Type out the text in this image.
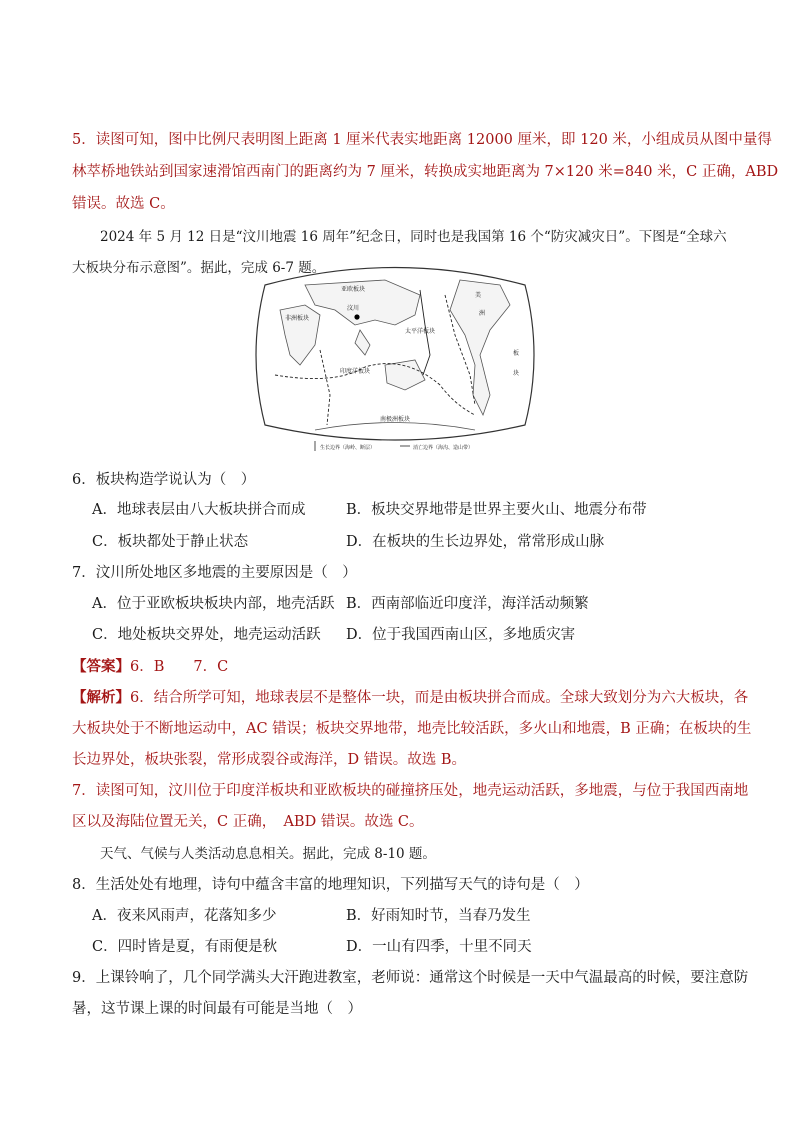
5．读图可知，图中比例尺表明图上距离 1 厘米代表实地距离 12000 厘米，即 120 米，小组成员从图中量得
林萃桥地铁站到国家速滑馆西南门的距离约为 7 厘米，转换成实地距离为 7×120 米=840 米，C 正确，ABD
错误。故选 C。
2024 年 5 月 12 日是“汶川地震 16 周年”纪念日，同时也是我国第 16 个“防灾减灾日”。下图是“全球六
大板块分布示意图”。据此，完成 6-7 题。
亚欧板块
汶川
非洲板块
太平洋板块
美
洲
板
块
印度洋板块
南极洲板块
生长边界（海岭、断层）	消亡边界（海沟、造山带）
6．板块构造学说认为（　）
A．地球表层由八大板块拼合而成	B．板块交界地带是世界主要火山、地震分布带
C．板块都处于静止状态	D．在板块的生长边界处，常常形成山脉
7．汶川所处地区多地震的主要原因是（　）
A．位于亚欧板块板块内部，地壳活跃 B．西南部临近印度洋，海洋活动频繁
C．地处板块交界处，地壳运动活跃 D．位于我国西南山区，多地质灾害
【答案】6．B　　7．C
【解析】6．结合所学可知，地球表层不是整体一块，而是由板块拼合而成。全球大致划分为六大板块，各
大板块处于不断地运动中，AC 错误；板块交界地带，地壳比较活跃，多火山和地震，B 正确；在板块的生
长边界处，板块张裂，常形成裂谷或海洋，D 错误。故选 B。
7．读图可知，汶川位于印度洋板块和亚欧板块的碰撞挤压处，地壳运动活跃，多地震，与位于我国西南地
区以及海陆位置无关，C 正确，　ABD 错误。故选 C。
天气、气候与人类活动息息相关。据此，完成 8-10 题。
8．生活处处有地理，诗句中蕴含丰富的地理知识，下列描写天气的诗句是（　）
A．夜来风雨声，花落知多少	B．好雨知时节，当春乃发生
C．四时皆是夏，有雨便是秋	D．一山有四季，十里不同天
9．上课铃响了，几个同学满头大汗跑进教室，老师说：通常这个时候是一天中气温最高的时候，要注意防
暑，这节课上课的时间最有可能是当地（　）
